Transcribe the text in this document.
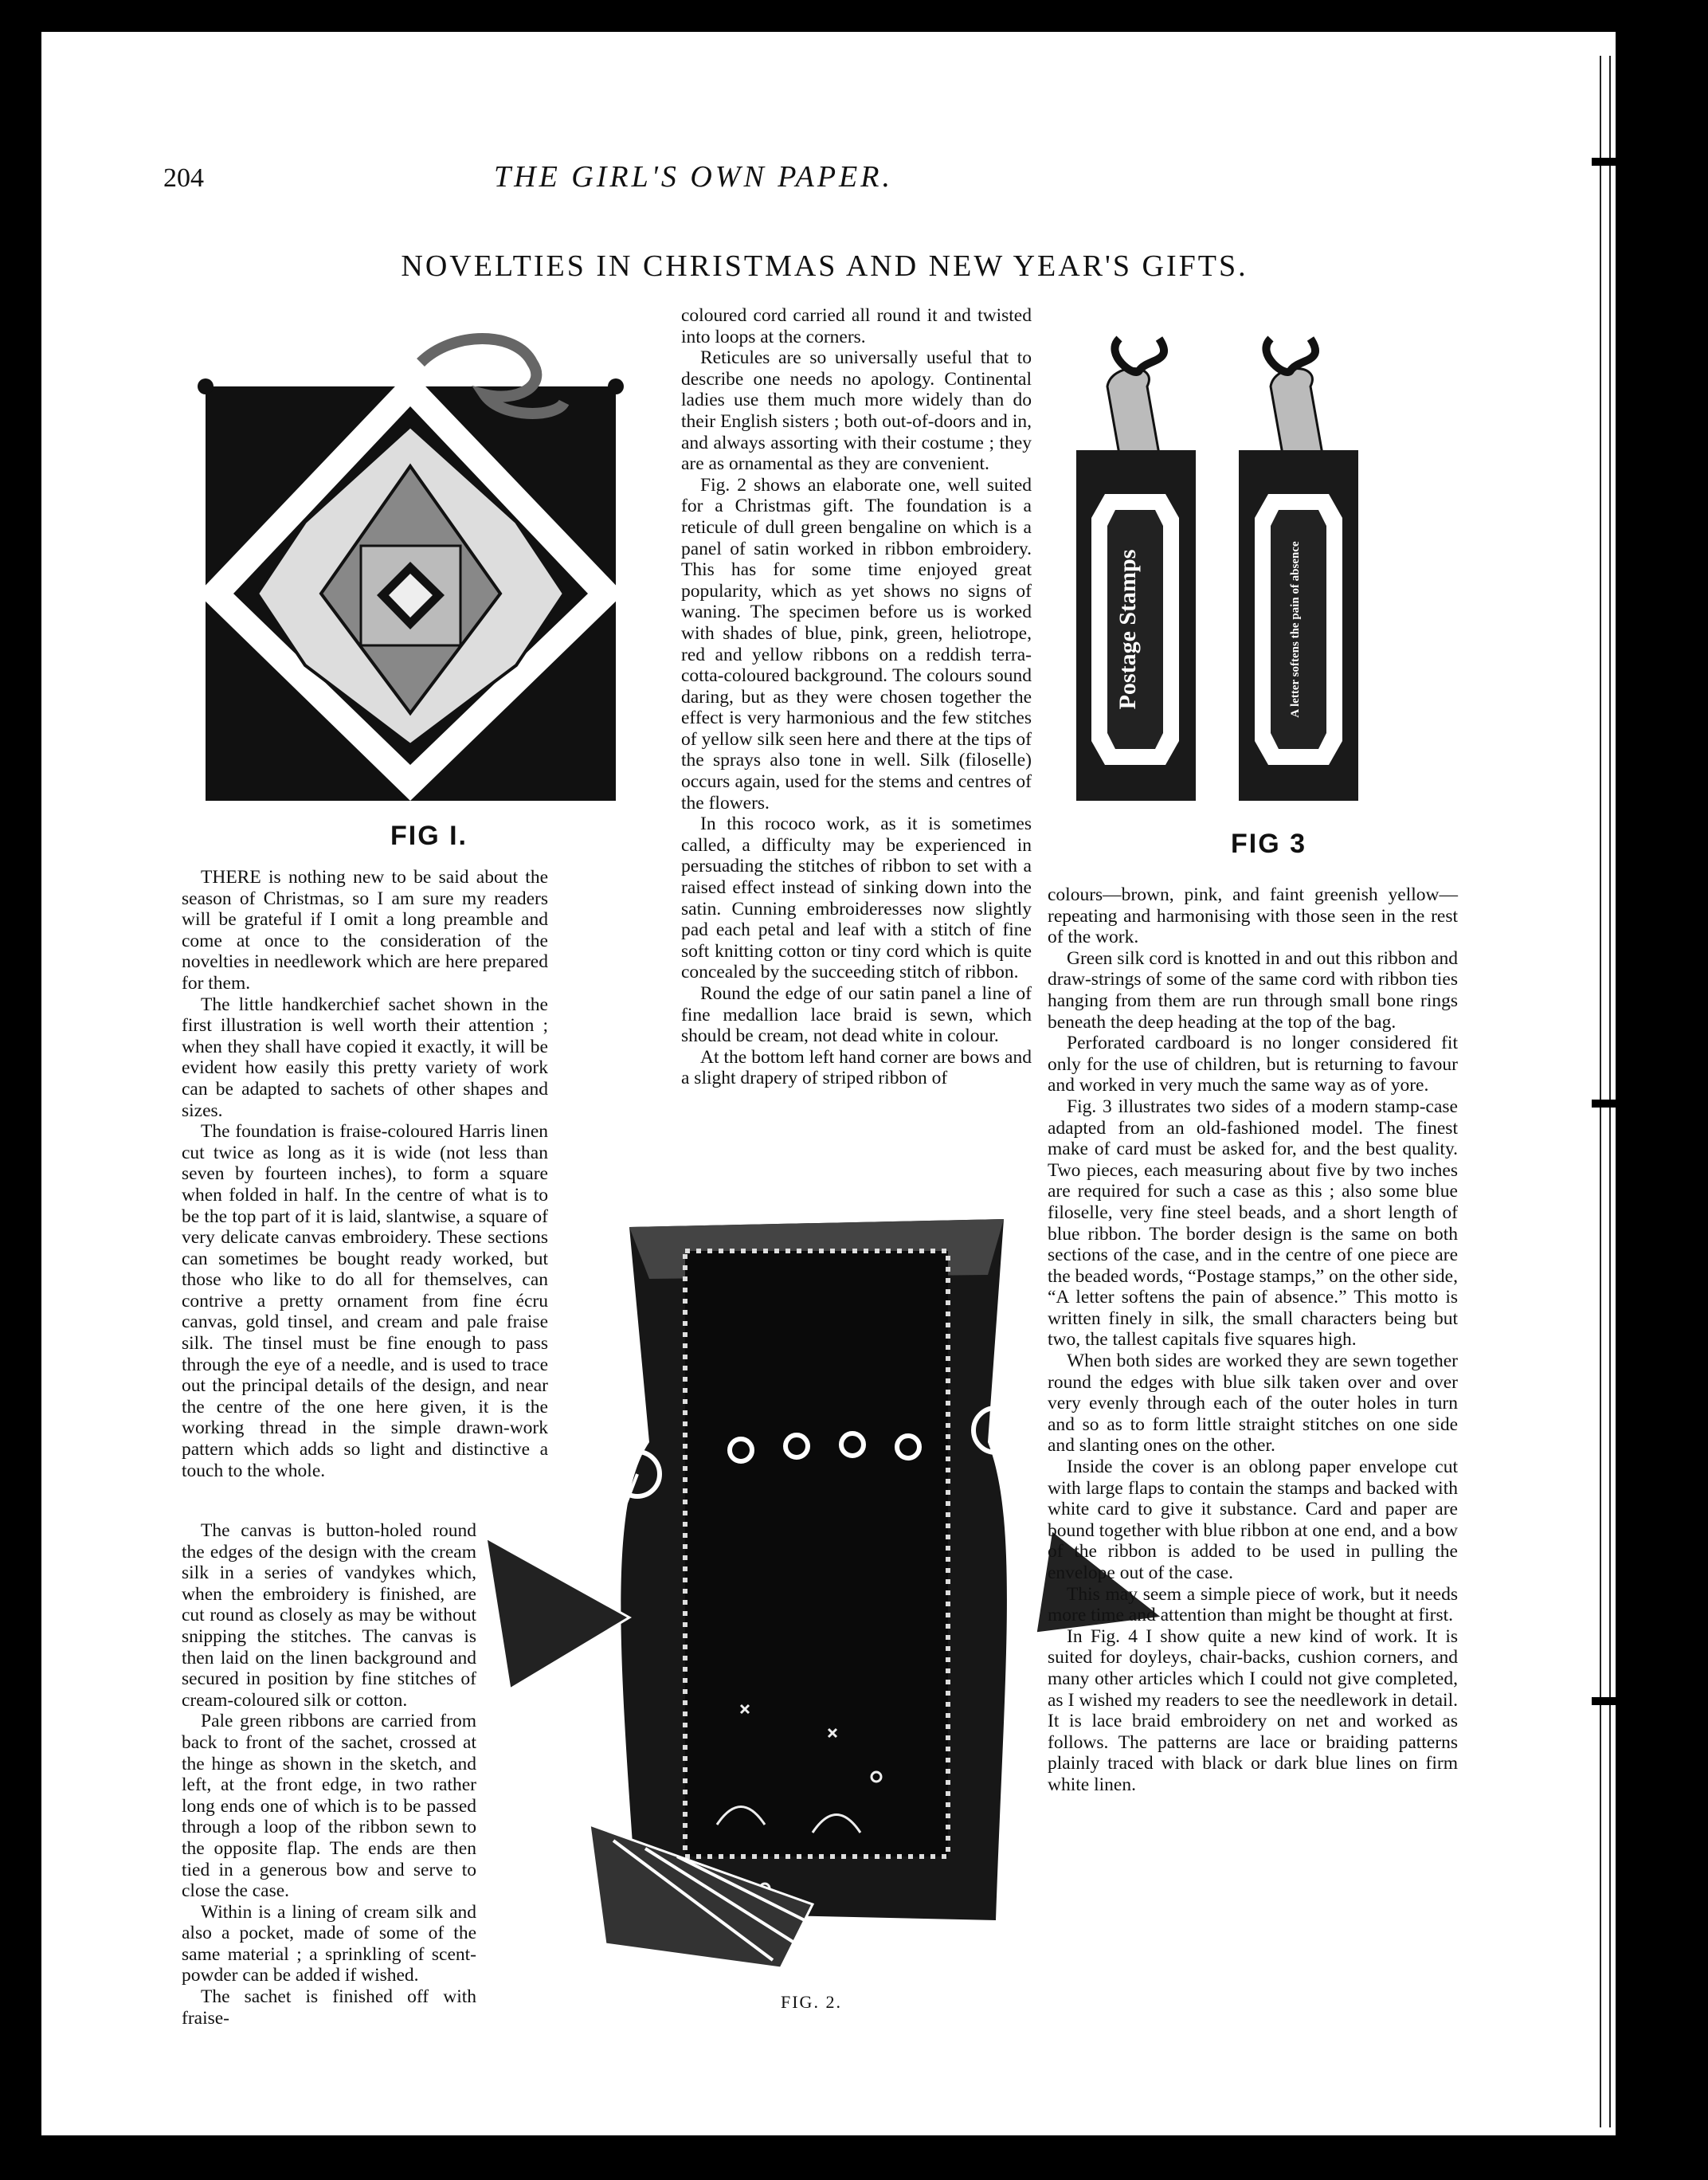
204	THE GIRL'S OWN PAPER.
NOVELTIES IN CHRISTMAS AND NEW YEAR'S GIFTS.
FIG I.
Postage Stamps	A letter softens the pain of absence
FIG 3
FIG. 2.

THERE is nothing new to be said about the season of Christmas, so I am sure my readers will be grateful if I omit a long preamble and come at once to the consideration of the novelties in needlework which are here prepared for them.

The little handkerchief sachet shown in the first illustration is well worth their attention ; when they shall have copied it exactly, it will be evident how easily this pretty variety of work can be adapted to sachets of other shapes and sizes.

The foundation is fraise-coloured Harris linen cut twice as long as it is wide (not less than seven by fourteen inches), to form a square when folded in half. In the centre of what is to be the top part of it is laid, slantwise, a square of very delicate canvas embroidery. These sections can sometimes be bought ready worked, but those who like to do all for themselves, can contrive a pretty ornament from fine écru canvas, gold tinsel, and cream and pale fraise silk. The tinsel must be fine enough to pass through the eye of a needle, and is used to trace out the principal details of the design, and near the centre of the one here given, it is the working thread in the simple drawn-work pattern which adds so light and distinctive a touch to the whole.

The canvas is button-holed round the edges of the design with the cream silk in a series of vandykes which, when the embroidery is finished, are cut round as closely as may be without snipping the stitches. The canvas is then laid on the linen background and secured in position by fine stitches of cream-coloured silk or cotton.

Pale green ribbons are carried from back to front of the sachet, crossed at the hinge as shown in the sketch, and left, at the front edge, in two rather long ends one of which is to be passed through a loop of the ribbon sewn to the opposite flap. The ends are then tied in a generous bow and serve to close the case.

Within is a lining of cream silk and also a pocket, made of some of the same material ; a sprinkling of scent-powder can be added if wished.

The sachet is finished off with fraise-

coloured cord carried all round it and twisted into loops at the corners.

Reticules are so universally useful that to describe one needs no apology. Continental ladies use them much more widely than do their English sisters ; both out-of-doors and in, and always assorting with their costume ; they are as ornamental as they are convenient.

Fig. 2 shows an elaborate one, well suited for a Christmas gift. The foundation is a reticule of dull green bengaline on which is a panel of satin worked in ribbon embroidery. This has for some time enjoyed great popularity, which as yet shows no signs of waning. The specimen before us is worked with shades of blue, pink, green, heliotrope, red and yellow ribbons on a reddish terra-cotta-coloured background. The colours sound daring, but as they were chosen together the effect is very harmonious and the few stitches of yellow silk seen here and there at the tips of the sprays also tone in well. Silk (filoselle) occurs again, used for the stems and centres of the flowers.

In this rococo work, as it is sometimes called, a difficulty may be experienced in persuading the stitches of ribbon to set with a raised effect instead of sinking down into the satin. Cunning embroideresses now slightly pad each petal and leaf with a stitch of fine soft knitting cotton or tiny cord which is quite concealed by the succeeding stitch of ribbon.

Round the edge of our satin panel a line of fine medallion lace braid is sewn, which should be cream, not dead white in colour.

At the bottom left hand corner are bows and a slight drapery of striped ribbon of

colours—brown, pink, and faint greenish yellow—repeating and harmonising with those seen in the rest of the work.

Green silk cord is knotted in and out this ribbon and draw-strings of some of the same cord with ribbon ties hanging from them are run through small bone rings beneath the deep heading at the top of the bag.

Perforated cardboard is no longer considered fit only for the use of children, but is returning to favour and worked in very much the same way as of yore.

Fig. 3 illustrates two sides of a modern stamp-case adapted from an old-fashioned model. The finest make of card must be asked for, and the best quality. Two pieces, each measuring about five by two inches are required for such a case as this ; also some blue filoselle, very fine steel beads, and a short length of blue ribbon. The border design is the same on both sections of the case, and in the centre of one piece are the beaded words, “Postage stamps,” on the other side, “A letter softens the pain of absence.” This motto is written finely in silk, the small characters being but two, the tallest capitals five squares high.

When both sides are worked they are sewn together round the edges with blue silk taken over and over very evenly through each of the outer holes in turn and so as to form little straight stitches on one side and slanting ones on the other.

Inside the cover is an oblong paper envelope cut with large flaps to contain the stamps and backed with white card to give it substance. Card and paper are bound together with blue ribbon at one end, and a bow of the ribbon is added to be used in pulling the envelope out of the case.

This may seem a simple piece of work, but it needs more time and attention than might be thought at first.

In Fig. 4 I show quite a new kind of work. It is suited for doyleys, chair-backs, cushion corners, and many other articles which I could not give completed, as I wished my readers to see the needlework in detail. It is lace braid embroidery on net and worked as follows. The patterns are lace or braiding patterns plainly traced with black or dark blue lines on firm white linen.
